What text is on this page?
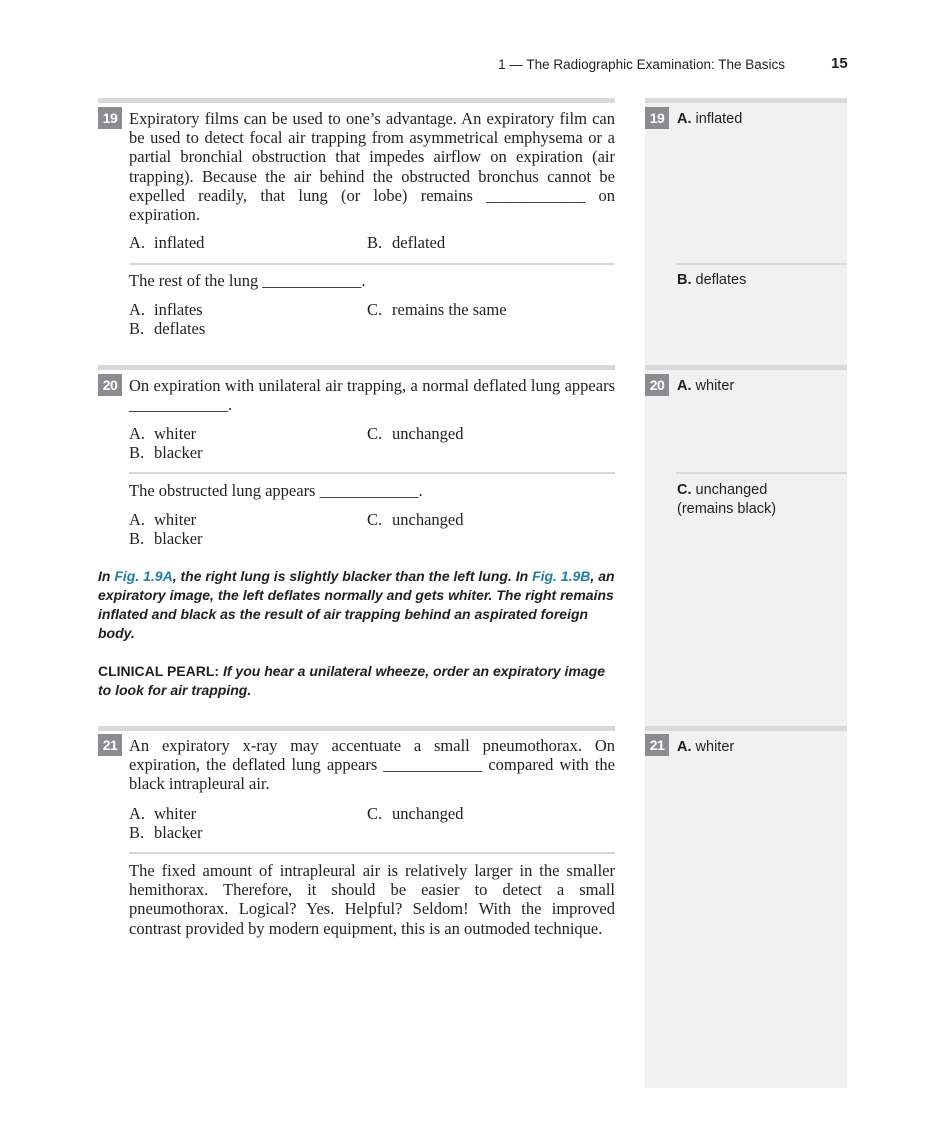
1 — The Radiographic Examination: The Basics	15
19 Expiratory films can be used to one’s advantage. An expiratory film can be used to detect focal air trapping from asymmetrical emphysema or a partial bronchial obstruction that impedes airflow on expiration (air trapping). Because the air behind the obstructed bronchus cannot be expelled readily, that lung (or lobe) remains ____________ on expiration.
A. inflated	B. deflated
The rest of the lung ____________.
A. inflates	C. remains the same
B. deflates
19 A. inflated
B. deflates
20 On expiration with unilateral air trapping, a normal deflated lung appears ____________.
A. whiter	C. unchanged
B. blacker
The obstructed lung appears ____________.
A. whiter	C. unchanged
B. blacker
In Fig. 1.9A, the right lung is slightly blacker than the left lung. In Fig. 1.9B, an expiratory image, the left deflates normally and gets whiter. The right remains inflated and black as the result of air trapping behind an aspirated foreign body.
CLINICAL PEARL: If you hear a unilateral wheeze, order an expiratory image to look for air trapping.
20 A. whiter
C. unchanged (remains black)
21 An expiratory x-ray may accentuate a small pneumothorax. On expiration, the deflated lung appears ____________ compared with the black intrapleural air.
A. whiter	C. unchanged
B. blacker
The fixed amount of intrapleural air is relatively larger in the smaller hemithorax. Therefore, it should be easier to detect a small pneumothorax. Logical? Yes. Helpful? Seldom! With the improved contrast provided by modern equipment, this is an outmoded technique.
21 A. whiter
